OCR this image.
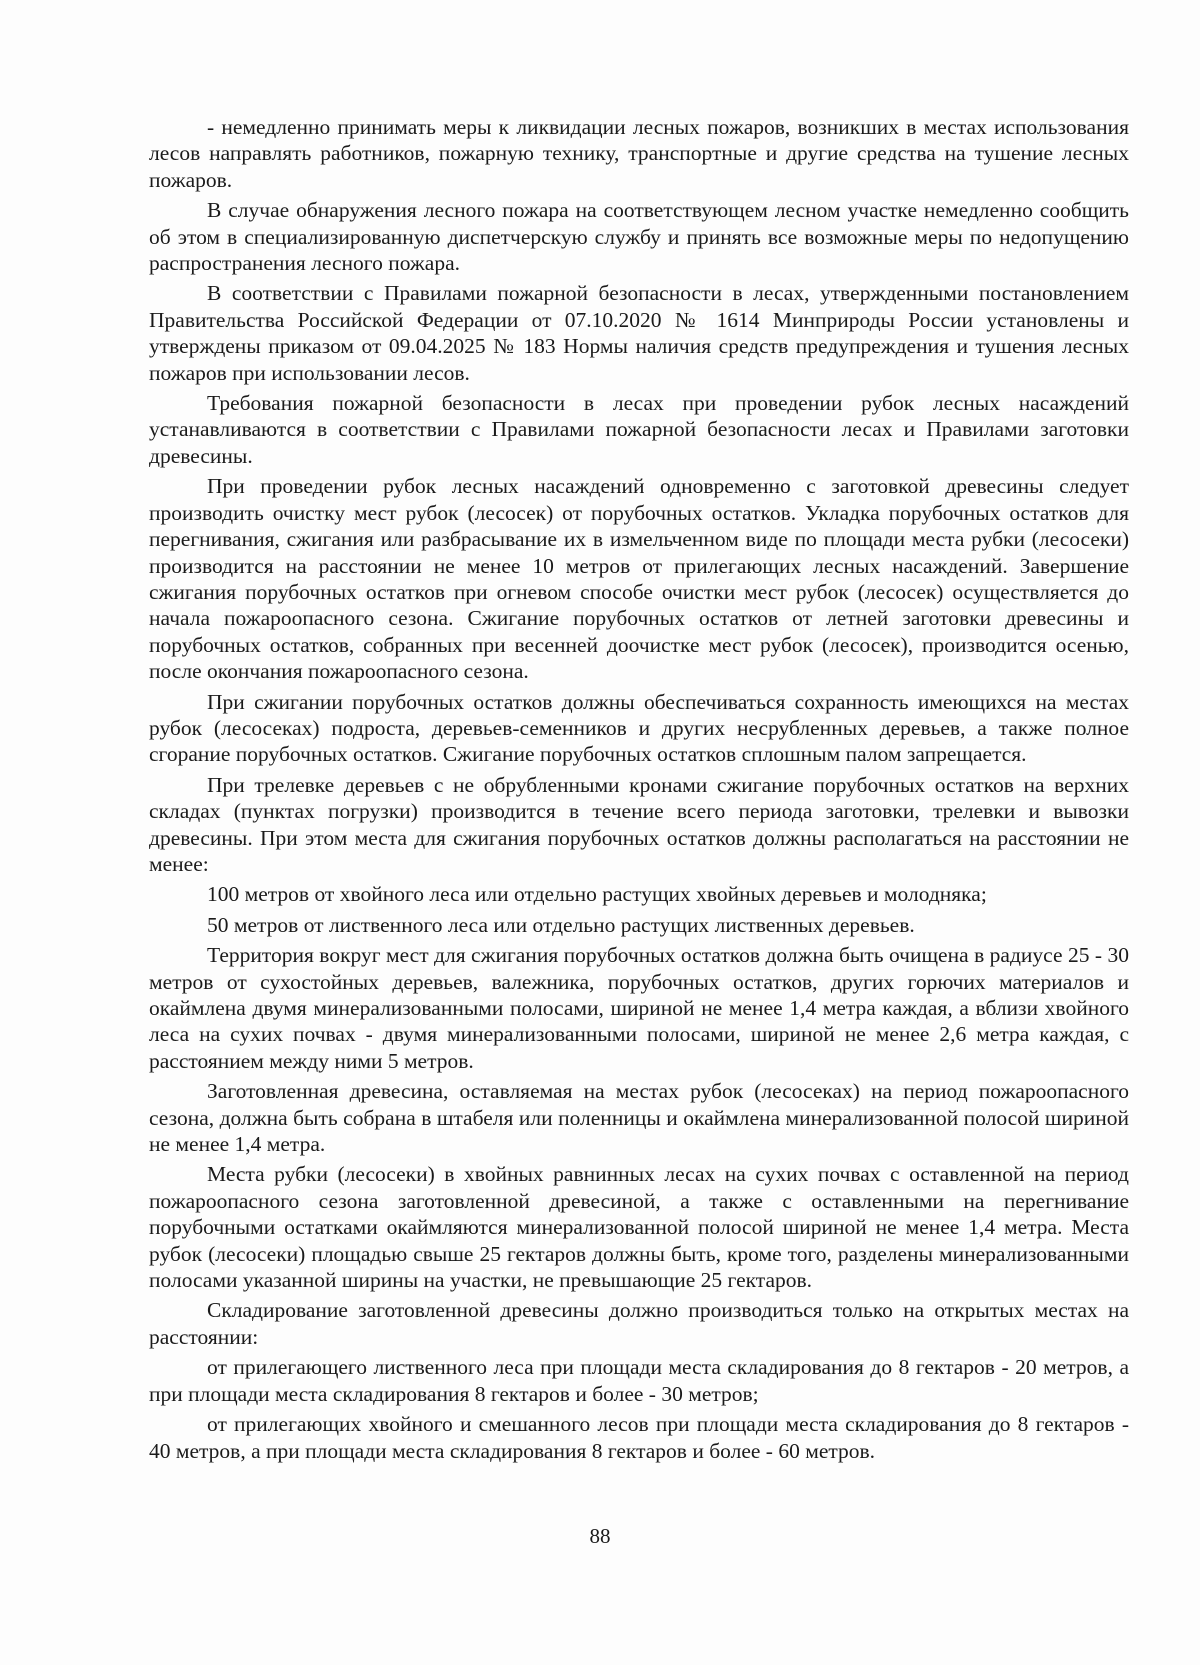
- немедленно принимать меры к ликвидации лесных пожаров, возникших в местах использования лесов направлять работников, пожарную технику, транспортные и другие средства на тушение лесных пожаров.

В случае обнаружения лесного пожара на соответствующем лесном участке немедленно сообщить об этом в специализированную диспетчерскую службу и принять все возможные меры по недопущению распространения лесного пожара.

В соответствии с Правилами пожарной безопасности в лесах, утвержденными постановлением Правительства Российской Федерации от 07.10.2020 № 1614 Минприроды России установлены и утверждены приказом от 09.04.2025 № 183 Нормы наличия средств предупреждения и тушения лесных пожаров при использовании лесов.

Требования пожарной безопасности в лесах при проведении рубок лесных насаждений устанавливаются в соответствии с Правилами пожарной безопасности лесах и Правилами заготовки древесины.

При проведении рубок лесных насаждений одновременно с заготовкой древесины следует производить очистку мест рубок (лесосек) от порубочных остатков. Укладка порубочных остатков для перегнивания, сжигания или разбрасывание их в измельченном виде по площади места рубки (лесосеки) производится на расстоянии не менее 10 метров от прилегающих лесных насаждений. Завершение сжигания порубочных остатков при огневом способе очистки мест рубок (лесосек) осуществляется до начала пожароопасного сезона. Сжигание порубочных остатков от летней заготовки древесины и порубочных остатков, собранных при весенней доочистке мест рубок (лесосек), производится осенью, после окончания пожароопасного сезона.

При сжигании порубочных остатков должны обеспечиваться сохранность имеющихся на местах рубок (лесосеках) подроста, деревьев-семенников и других несрубленных деревьев, а также полное сгорание порубочных остатков. Сжигание порубочных остатков сплошным палом запрещается.

При трелевке деревьев с не обрубленными кронами сжигание порубочных остатков на верхних складах (пунктах погрузки) производится в течение всего периода заготовки, трелевки и вывозки древесины. При этом места для сжигания порубочных остатков должны располагаться на расстоянии не менее:

100 метров от хвойного леса или отдельно растущих хвойных деревьев и молодняка;

50 метров от лиственного леса или отдельно растущих лиственных деревьев.

Территория вокруг мест для сжигания порубочных остатков должна быть очищена в радиусе 25 - 30 метров от сухостойных деревьев, валежника, порубочных остатков, других горючих материалов и окаймлена двумя минерализованными полосами, шириной не менее 1,4 метра каждая, а вблизи хвойного леса на сухих почвах - двумя минерализованными полосами, шириной не менее 2,6 метра каждая, с расстоянием между ними 5 метров.

Заготовленная древесина, оставляемая на местах рубок (лесосеках) на период пожароопасного сезона, должна быть собрана в штабеля или поленницы и окаймлена минерализованной полосой шириной не менее 1,4 метра.

Места рубки (лесосеки) в хвойных равнинных лесах на сухих почвах с оставленной на период пожароопасного сезона заготовленной древесиной, а также с оставленными на перегнивание порубочными остатками окаймляются минерализованной полосой шириной не менее 1,4 метра. Места рубок (лесосеки) площадью свыше 25 гектаров должны быть, кроме того, разделены минерализованными полосами указанной ширины на участки, не превышающие 25 гектаров.

Складирование заготовленной древесины должно производиться только на открытых местах на расстоянии:

от прилегающего лиственного леса при площади места складирования до 8 гектаров - 20 метров, а при площади места складирования 8 гектаров и более - 30 метров;

от прилегающих хвойного и смешанного лесов при площади места складирования до 8 гектаров - 40 метров, а при площади места складирования 8 гектаров и более - 60 метров.

88
